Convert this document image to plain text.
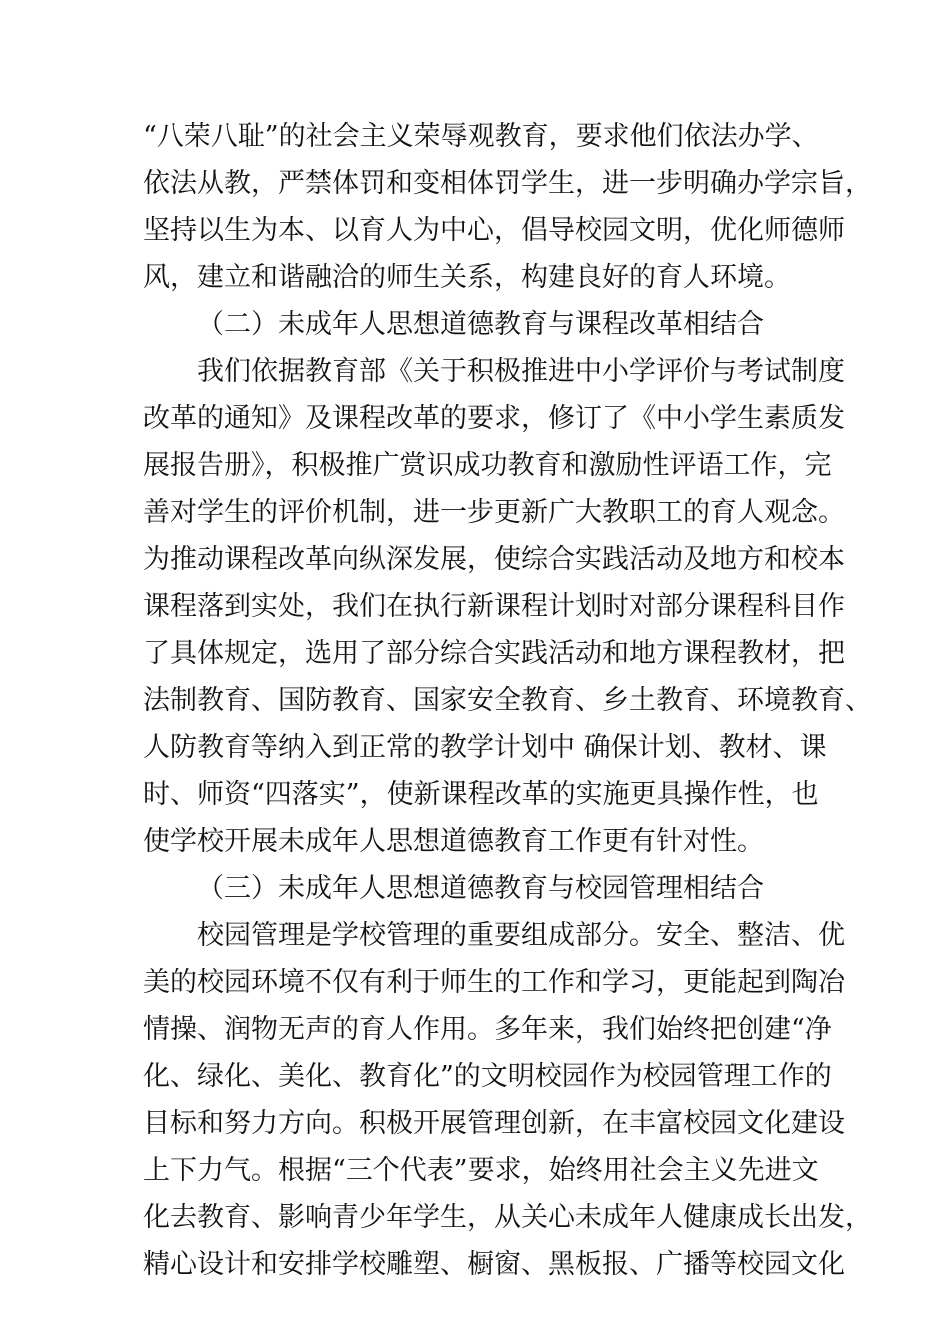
“八荣八耻”的社会主义荣辱观教育，要求他们依法办学、
依法从教，严禁体罚和变相体罚学生，进一步明确办学宗旨，
坚持以生为本、以育人为中心，倡导校园文明，优化师德师
风，建立和谐融洽的师生关系，构建良好的育人环境。
（二）未成年人思想道德教育与课程改革相结合
我们依据教育部《关于积极推进中小学评价与考试制度
改革的通知》及课程改革的要求，修订了《中小学生素质发
展报告册》，积极推广赏识成功教育和激励性评语工作，完
善对学生的评价机制，进一步更新广大教职工的育人观念。
为推动课程改革向纵深发展，使综合实践活动及地方和校本
课程落到实处，我们在执行新课程计划时对部分课程科目作
了具体规定，选用了部分综合实践活动和地方课程教材，把
法制教育、国防教育、国家安全教育、乡土教育、环境教育、
人防教育等纳入到正常的教学计划中 确保计划、教材、课
时、师资“四落实”，使新课程改革的实施更具操作性，也
使学校开展未成年人思想道德教育工作更有针对性。
（三）未成年人思想道德教育与校园管理相结合
校园管理是学校管理的重要组成部分。安全、整洁、优
美的校园环境不仅有利于师生的工作和学习，更能起到陶冶
情操、润物无声的育人作用。多年来，我们始终把创建“净
化、绿化、美化、教育化”的文明校园作为校园管理工作的
目标和努力方向。积极开展管理创新，在丰富校园文化建设
上下力气。根据“三个代表”要求，始终用社会主义先进文
化去教育、影响青少年学生，从关心未成年人健康成长出发，
精心设计和安排学校雕塑、橱窗、黑板报、广播等校园文化
